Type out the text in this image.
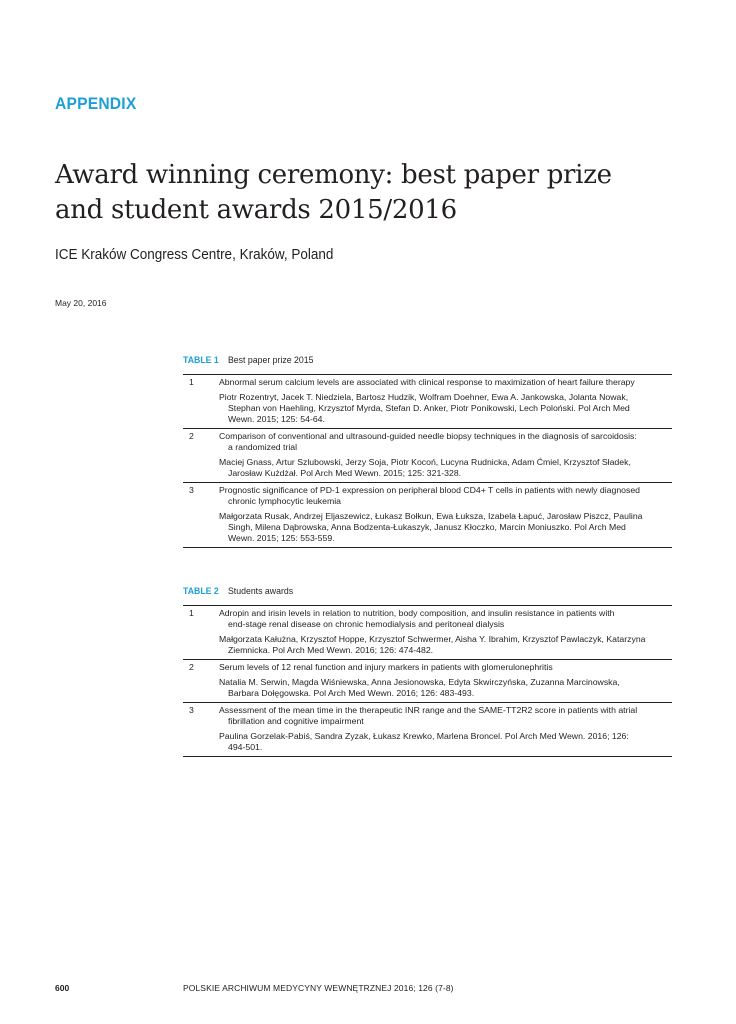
APPENDIX
Award winning ceremony: best paper prize
and student awards 2015/2016
ICE Kraków Congress Centre, Kraków, Poland
May 20, 2016
TABLE 1 Best paper prize 2015
1	Abnormal serum calcium levels are associated with clinical response to maximization of heart failure therapy
Piotr Rozentryt, Jacek T. Niedziela, Bartosz Hudzik, Wolfram Doehner, Ewa A. Jankowska, Jolanta Nowak,
Stephan von Haehling, Krzysztof Myrda, Stefan D. Anker, Piotr Ponikowski, Lech Poloński. Pol Arch Med
Wewn. 2015; 125: 54-64.
2	Comparison of conventional and ultrasound-guided needle biopsy techniques in the diagnosis of sarcoidosis:
a randomized trial
Maciej Gnass, Artur Szlubowski, Jerzy Soja, Piotr Kocoń, Lucyna Rudnicka, Adam Ćmiel, Krzysztof Sładek,
Jarosław Kużdżał. Pol Arch Med Wewn. 2015; 125: 321-328.
3	Prognostic significance of PD-1 expression on peripheral blood CD4+ T cells in patients with newly diagnosed
chronic lymphocytic leukemia
Małgorzata Rusak, Andrzej Eljaszewicz, Łukasz Bołkun, Ewa Łuksza, Izabela Łapuć, Jarosław Piszcz, Paulina
Singh, Milena Dąbrowska, Anna Bodzenta-Łukaszyk, Janusz Kłoczko, Marcin Moniuszko. Pol Arch Med
Wewn. 2015; 125: 553-559.
TABLE 2 Students awards
1	Adropin and irisin levels in relation to nutrition, body composition, and insulin resistance in patients with
end-stage renal disease on chronic hemodialysis and peritoneal dialysis
Małgorzata Kałużna, Krzysztof Hoppe, Krzysztof Schwermer, Aisha Y. Ibrahim, Krzysztof Pawlaczyk, Katarzyna
Ziemnicka. Pol Arch Med Wewn. 2016; 126: 474-482.
2	Serum levels of 12 renal function and injury markers in patients with glomerulonephritis
Natalia M. Serwin, Magda Wiśniewska, Anna Jesionowska, Edyta Skwirczyńska, Zuzanna Marcinowska,
Barbara Dołęgowska. Pol Arch Med Wewn. 2016; 126: 483-493.
3	Assessment of the mean time in the therapeutic INR range and the SAME-TT2R2 score in patients with atrial
fibrillation and cognitive impairment
Paulina Gorzelak-Pabiś, Sandra Zyzak, Łukasz Krewko, Marlena Broncel. Pol Arch Med Wewn. 2016; 126:
494-501.
600	POLSKIE ARCHIWUM MEDYCYNY WEWNĘTRZNEJ 2016; 126 (7-8)
